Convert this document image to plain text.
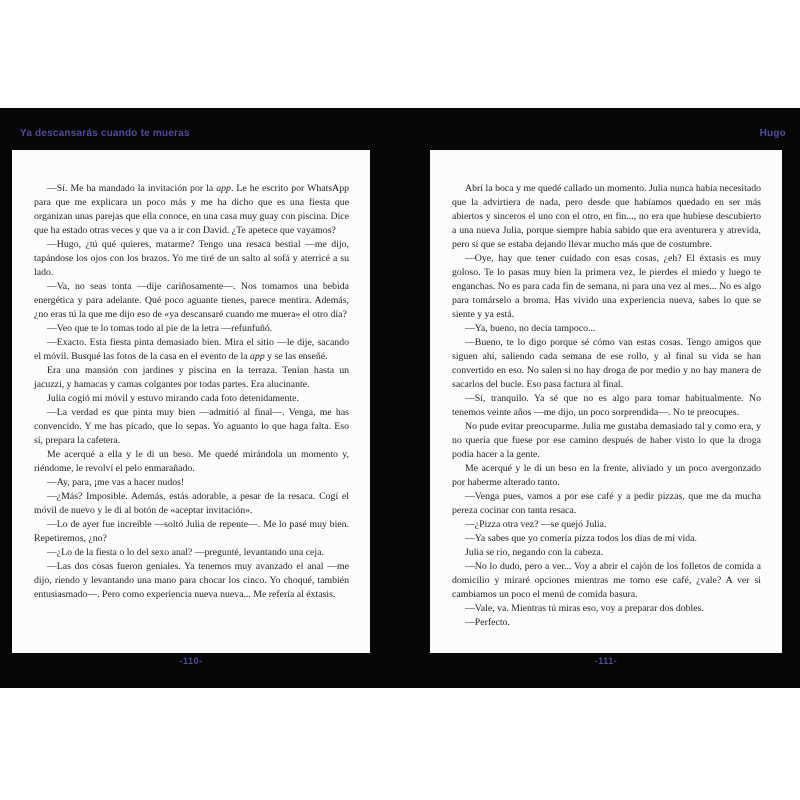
Ya descansarás cuando te mueras	Hugo

—Sí. Me ha mandado la invitación por la app. Le he escrito por WhatsApp para que me explicara un poco más y me ha dicho que es una fiesta que organizan unas parejas que ella conoce, en una casa muy guay con piscina. Dice que ha estado otras veces y que va a ir con David. ¿Te apetece que vayamos?

—Hugo, ¿tú qué quieres, matarme? Tengo una resaca bestial —me dijo, tapándose los ojos con los brazos. Yo me tiré de un salto al sofá y aterricé a su lado.

—Va, no seas tonta —dije cariñosamente—. Nos tomamos una bebida energética y para adelante. Qué poco aguante tienes, parece mentira. Además, ¿no eras tú la que me dijo eso de «ya descansaré cuando me muera» el otro día?

—Veo que te lo tomas todo al pie de la letra —refunfuñó.

—Exacto. Esta fiesta pinta demasiado bien. Mira el sitio —le dije, sacando el móvil. Busqué las fotos de la casa en el evento de la app y se las enseñé.

Era una mansión con jardines y piscina en la terraza. Tenían hasta un jacuzzi, y hamacas y camas colgantes por todas partes. Era alucinante.

Julia cogió mi móvil y estuvo mirando cada foto detenidamente.

—La verdad es que pinta muy bien —admitió al final—. Venga, me has convencido. Y me has picado, que lo sepas. Yo aguanto lo que haga falta. Eso sí, prepara la cafetera.

Me acerqué a ella y le di un beso. Me quedé mirándola un momento y, riéndome, le revolví el pelo enmarañado.

—Ay, para, ¡me vas a hacer nudos!

—¿Más? Imposible. Además, estás adorable, a pesar de la resaca. Cogí el móvil de nuevo y le di al botón de «aceptar invitación».

—Lo de ayer fue increíble —soltó Julia de repente—. Me lo pasé muy bien. Repetiremos, ¿no?

—¿Lo de la fiesta o lo del sexo anal? —pregunté, levantando una ceja.

—Las dos cosas fueron geniales. Ya tenemos muy avanzado el anal —me dijo, riendo y levantando una mano para chocar los cinco. Yo choqué, también entusiasmado—. Pero como experiencia nueva nueva... Me refería al éxtasis.

Abrí la boca y me quedé callado un momento. Julia nunca había necesitado que la advirtiera de nada, pero desde que habíamos quedado en ser más abiertos y sinceros el uno con el otro, en fin..., no era que hubiese descubierto a una nueva Julia, porque siempre había sabido que era aventurera y atrevida, pero sí que se estaba dejando llevar mucho más que de costumbre.

—Oye, hay que tener cuidado con esas cosas, ¿eh? El éxtasis es muy goloso. Te lo pasas muy bien la primera vez, le pierdes el miedo y luego te enganchas. No es para cada fin de semana, ni para una vez al mes... No es algo para tomárselo a broma. Has vivido una experiencia nueva, sabes lo que se siente y ya está.

—Ya, bueno, no decía tampoco...

—Bueno, te lo digo porque sé cómo van estas cosas. Tengo amigos que siguen ahí, saliendo cada semana de ese rollo, y al final su vida se han convertido en eso. No salen si no hay droga de por medio y no hay manera de sacarlos del bucle. Eso pasa factura al final.

—Sí, tranquilo. Ya sé que no es algo para tomar habitualmente. No tenemos veinte años —me dijo, un poco sorprendida—. No te preocupes.

No pude evitar preocuparme. Julia me gustaba demasiado tal y como era, y no quería que fuese por ese camino después de haber visto lo que la droga podía hacer a la gente.

Me acerqué y le di un beso en la frente, aliviado y un poco avergonzado por haberme alterado tanto.

—Venga pues, vamos a por ese café y a pedir pizzas, que me da mucha pereza cocinar con tanta resaca.

—¿Pizza otra vez? —se quejó Julia.

—Ya sabes que yo comería pizza todos los días de mi vida.

Julia se rio, negando con la cabeza.

—No lo dudo, pero a ver... Voy a abrir el cajón de los folletos de comida a domicilio y miraré opciones mientras me tomo ese café, ¿vale? A ver si cambiamos un poco el menú de comida basura.

—Vale, va. Mientras tú miras eso, voy a preparar dos dobles.

—Perfecto.

-110-	-111-
